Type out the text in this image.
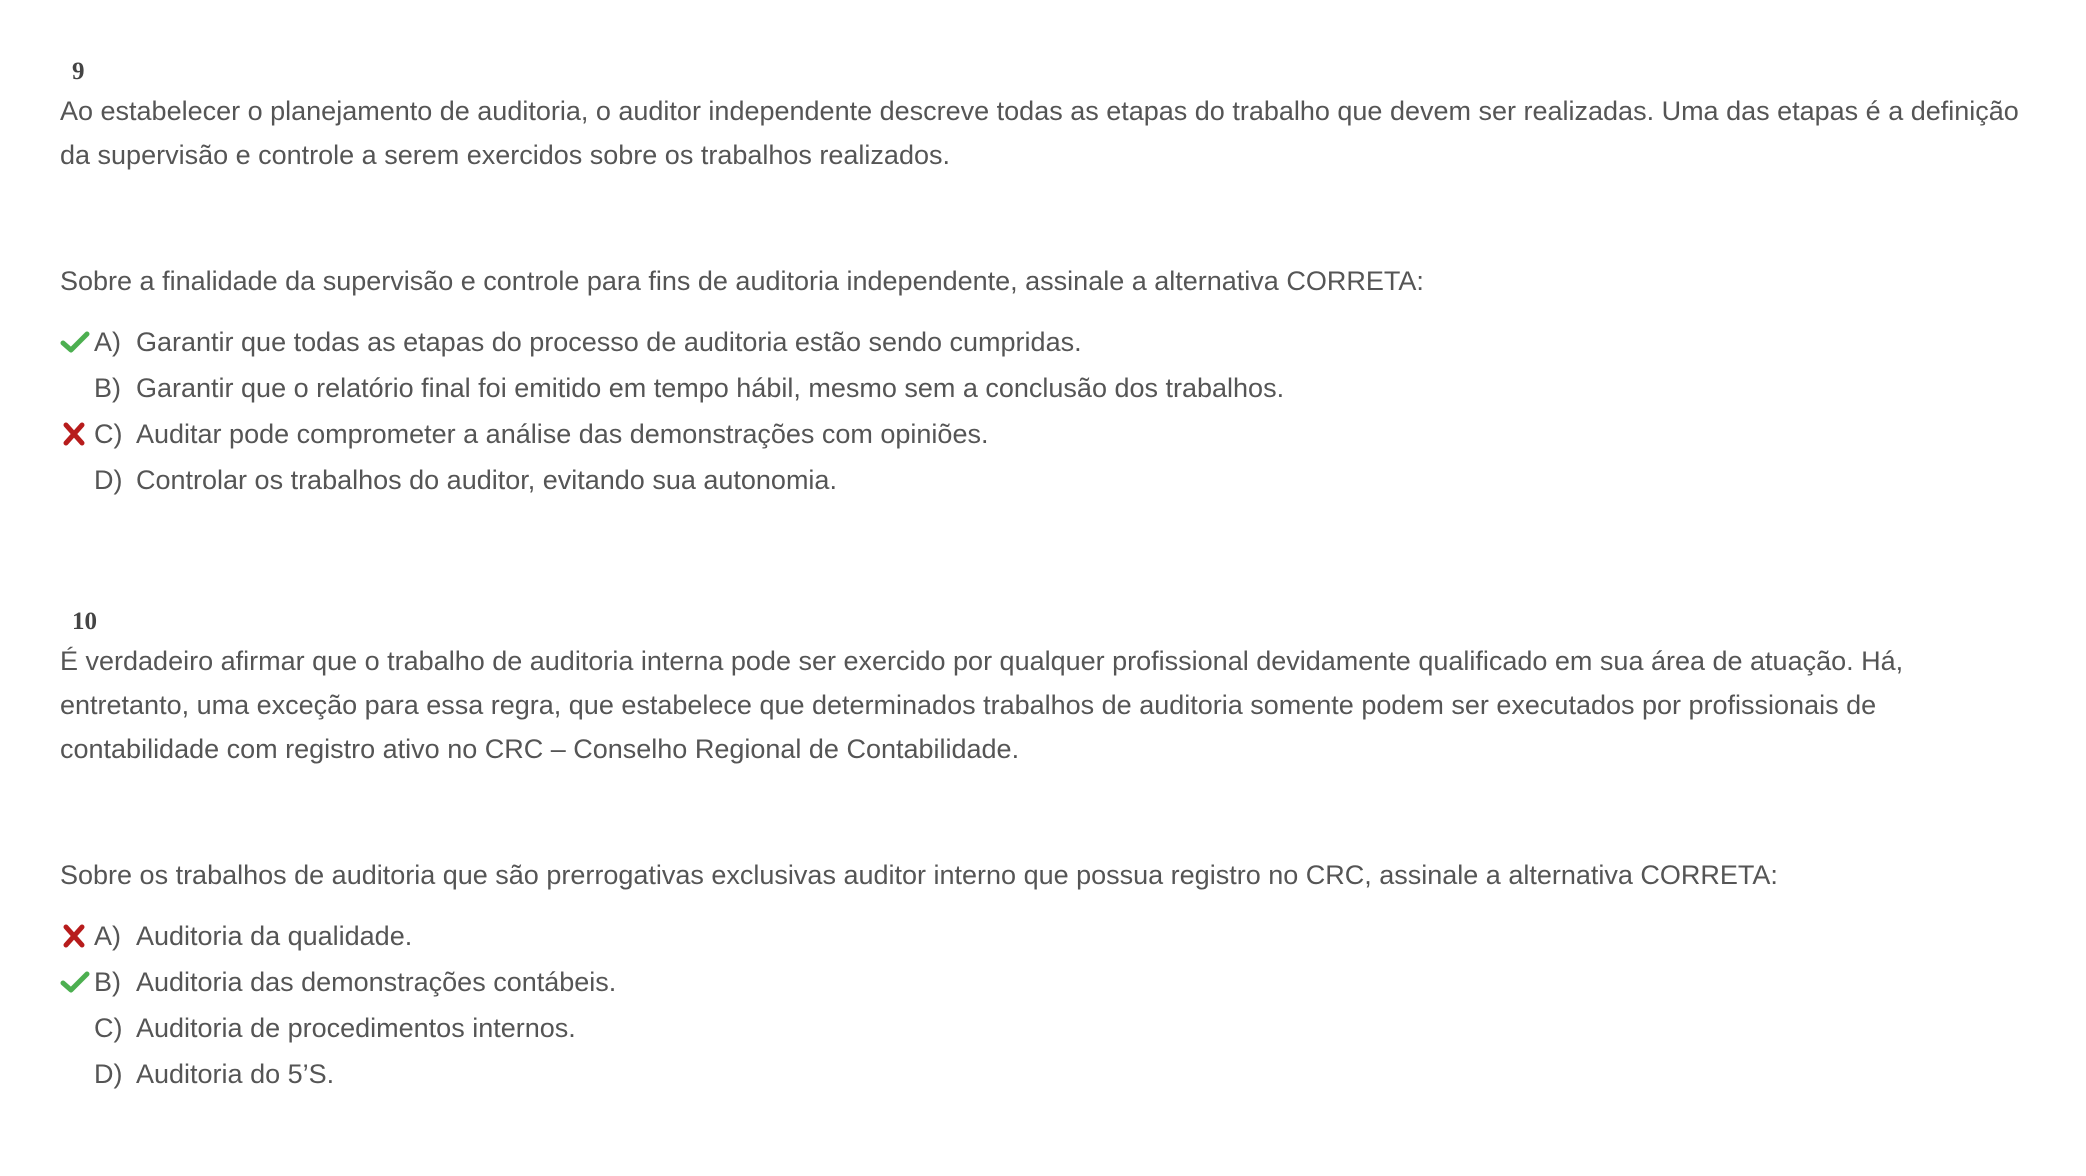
9

Ao estabelecer o planejamento de auditoria, o auditor independente descreve todas as etapas do trabalho que devem ser realizadas. Uma das etapas é a definição da supervisão e controle a serem exercidos sobre os trabalhos realizados.

Sobre a finalidade da supervisão e controle para fins de auditoria independente, assinale a alternativa CORRETA:

A) Garantir que todas as etapas do processo de auditoria estão sendo cumpridas.
B) Garantir que o relatório final foi emitido em tempo hábil, mesmo sem a conclusão dos trabalhos.
C) Auditar pode comprometer a análise das demonstrações com opiniões.
D) Controlar os trabalhos do auditor, evitando sua autonomia.
10

É verdadeiro afirmar que o trabalho de auditoria interna pode ser exercido por qualquer profissional devidamente qualificado em sua área de atuação. Há, entretanto, uma exceção para essa regra, que estabelece que determinados trabalhos de auditoria somente podem ser executados por profissionais de contabilidade com registro ativo no CRC – Conselho Regional de Contabilidade.

Sobre os trabalhos de auditoria que são prerrogativas exclusivas auditor interno que possua registro no CRC, assinale a alternativa CORRETA:

A) Auditoria da qualidade.
B) Auditoria das demonstrações contábeis.
C) Auditoria de procedimentos internos.
D) Auditoria do 5’S.
